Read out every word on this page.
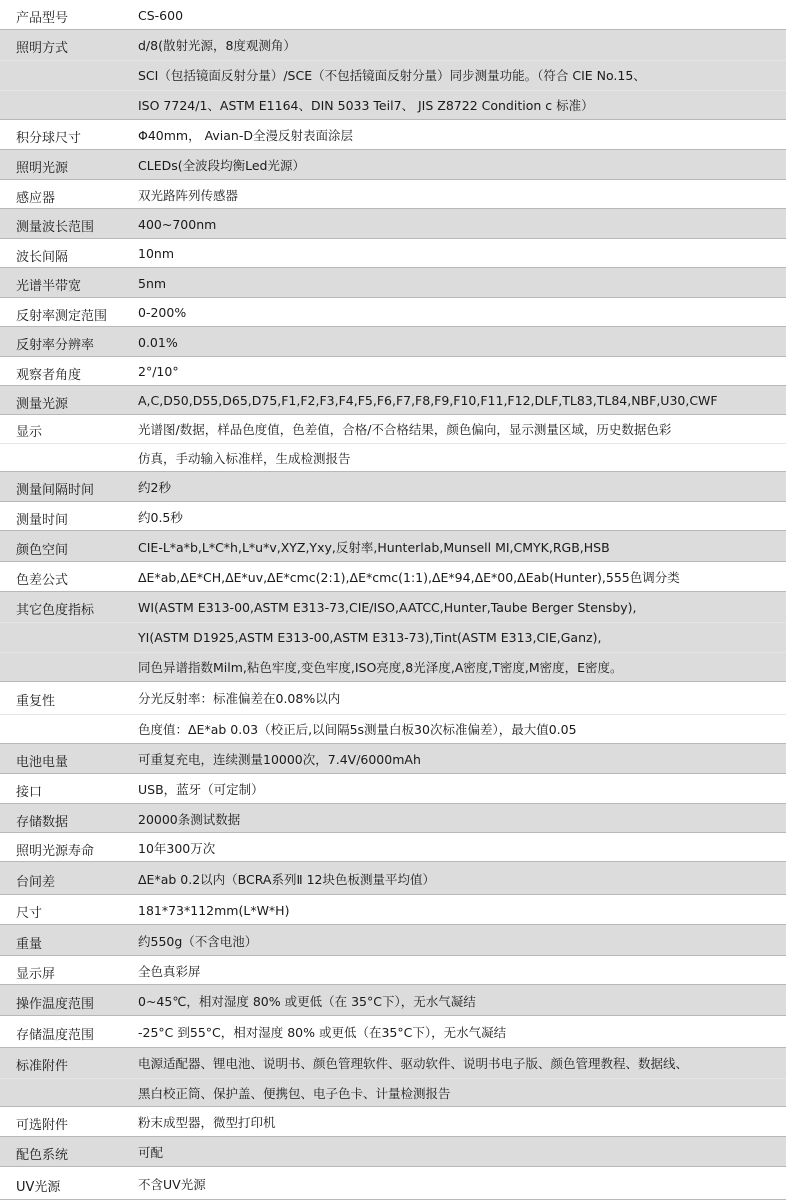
产品型号	CS-600
照明方式	d/8(散射光源，8度观测角）
SCI（包括镜面反射分量）/SCE（不包括镜面反射分量）同步测量功能。（符合 CIE No.15、
ISO 7724/1、ASTM E1164、DIN 5033 Teil7、 JIS Z8722 Condition c 标准）
积分球尺寸	Φ40mm， Avian-D全漫反射表面涂层
照明光源	CLEDs(全波段均衡Led光源）
感应器	双光路阵列传感器
测量波长范围	400~700nm
波长间隔	10nm
光谱半带宽	5nm
反射率测定范围	0-200%
反射率分辨率	0.01%
观察者角度	2°/10°
测量光源	A,C,D50,D55,D65,D75,F1,F2,F3,F4,F5,F6,F7,F8,F9,F10,F11,F12,DLF,TL83,TL84,NBF,U30,CWF
显示	光谱图/数据，样品色度值，色差值，合格/不合格结果，颜色偏向，显示测量区域，历史数据色彩
仿真，手动输入标准样，生成检测报告
测量间隔时间	约2秒
测量时间	约0.5秒
颜色空间	CIE-L*a*b,L*C*h,L*u*v,XYZ,Yxy,反射率,Hunterlab,Munsell MI,CMYK,RGB,HSB
色差公式	ΔE*ab,ΔE*CH,ΔE*uv,ΔE*cmc(2:1),ΔE*cmc(1:1),ΔE*94,ΔE*00,ΔEab(Hunter),555色调分类
其它色度指标	WI(ASTM E313-00,ASTM E313-73,CIE/ISO,AATCC,Hunter,Taube Berger Stensby),
YI(ASTM D1925,ASTM E313-00,ASTM E313-73),Tint(ASTM E313,CIE,Ganz),
同色异谱指数Milm,粘色牢度,变色牢度,ISO亮度,8光泽度,A密度,T密度,M密度，E密度。
重复性	分光反射率：标准偏差在0.08%以内
色度值：ΔE*ab 0.03（校正后,以间隔5s测量白板30次标准偏差），最大值0.05
电池电量	可重复充电，连续测量10000次，7.4V/6000mAh
接口	USB，蓝牙（可定制）
存储数据	20000条测试数据
照明光源寿命	10年300万次
台间差	ΔE*ab 0.2以内（BCRA系列Ⅱ 12块色板测量平均值）
尺寸	181*73*112mm(L*W*H)
重量	约550g（不含电池）
显示屏	全色真彩屏
操作温度范围	0~45℃，相对湿度 80% 或更低（在 35°C下），无水气凝结
存储温度范围	-25°C 到55°C，相对湿度 80% 或更低（在35°C下），无水气凝结
标准附件	电源适配器、锂电池、说明书、颜色管理软件、驱动软件、说明书电子版、颜色管理教程、数据线、
黑白校正筒、保护盖、便携包、电子色卡、计量检测报告
可选附件	粉末成型器，微型打印机
配色系统	可配
UV光源	不含UV光源
